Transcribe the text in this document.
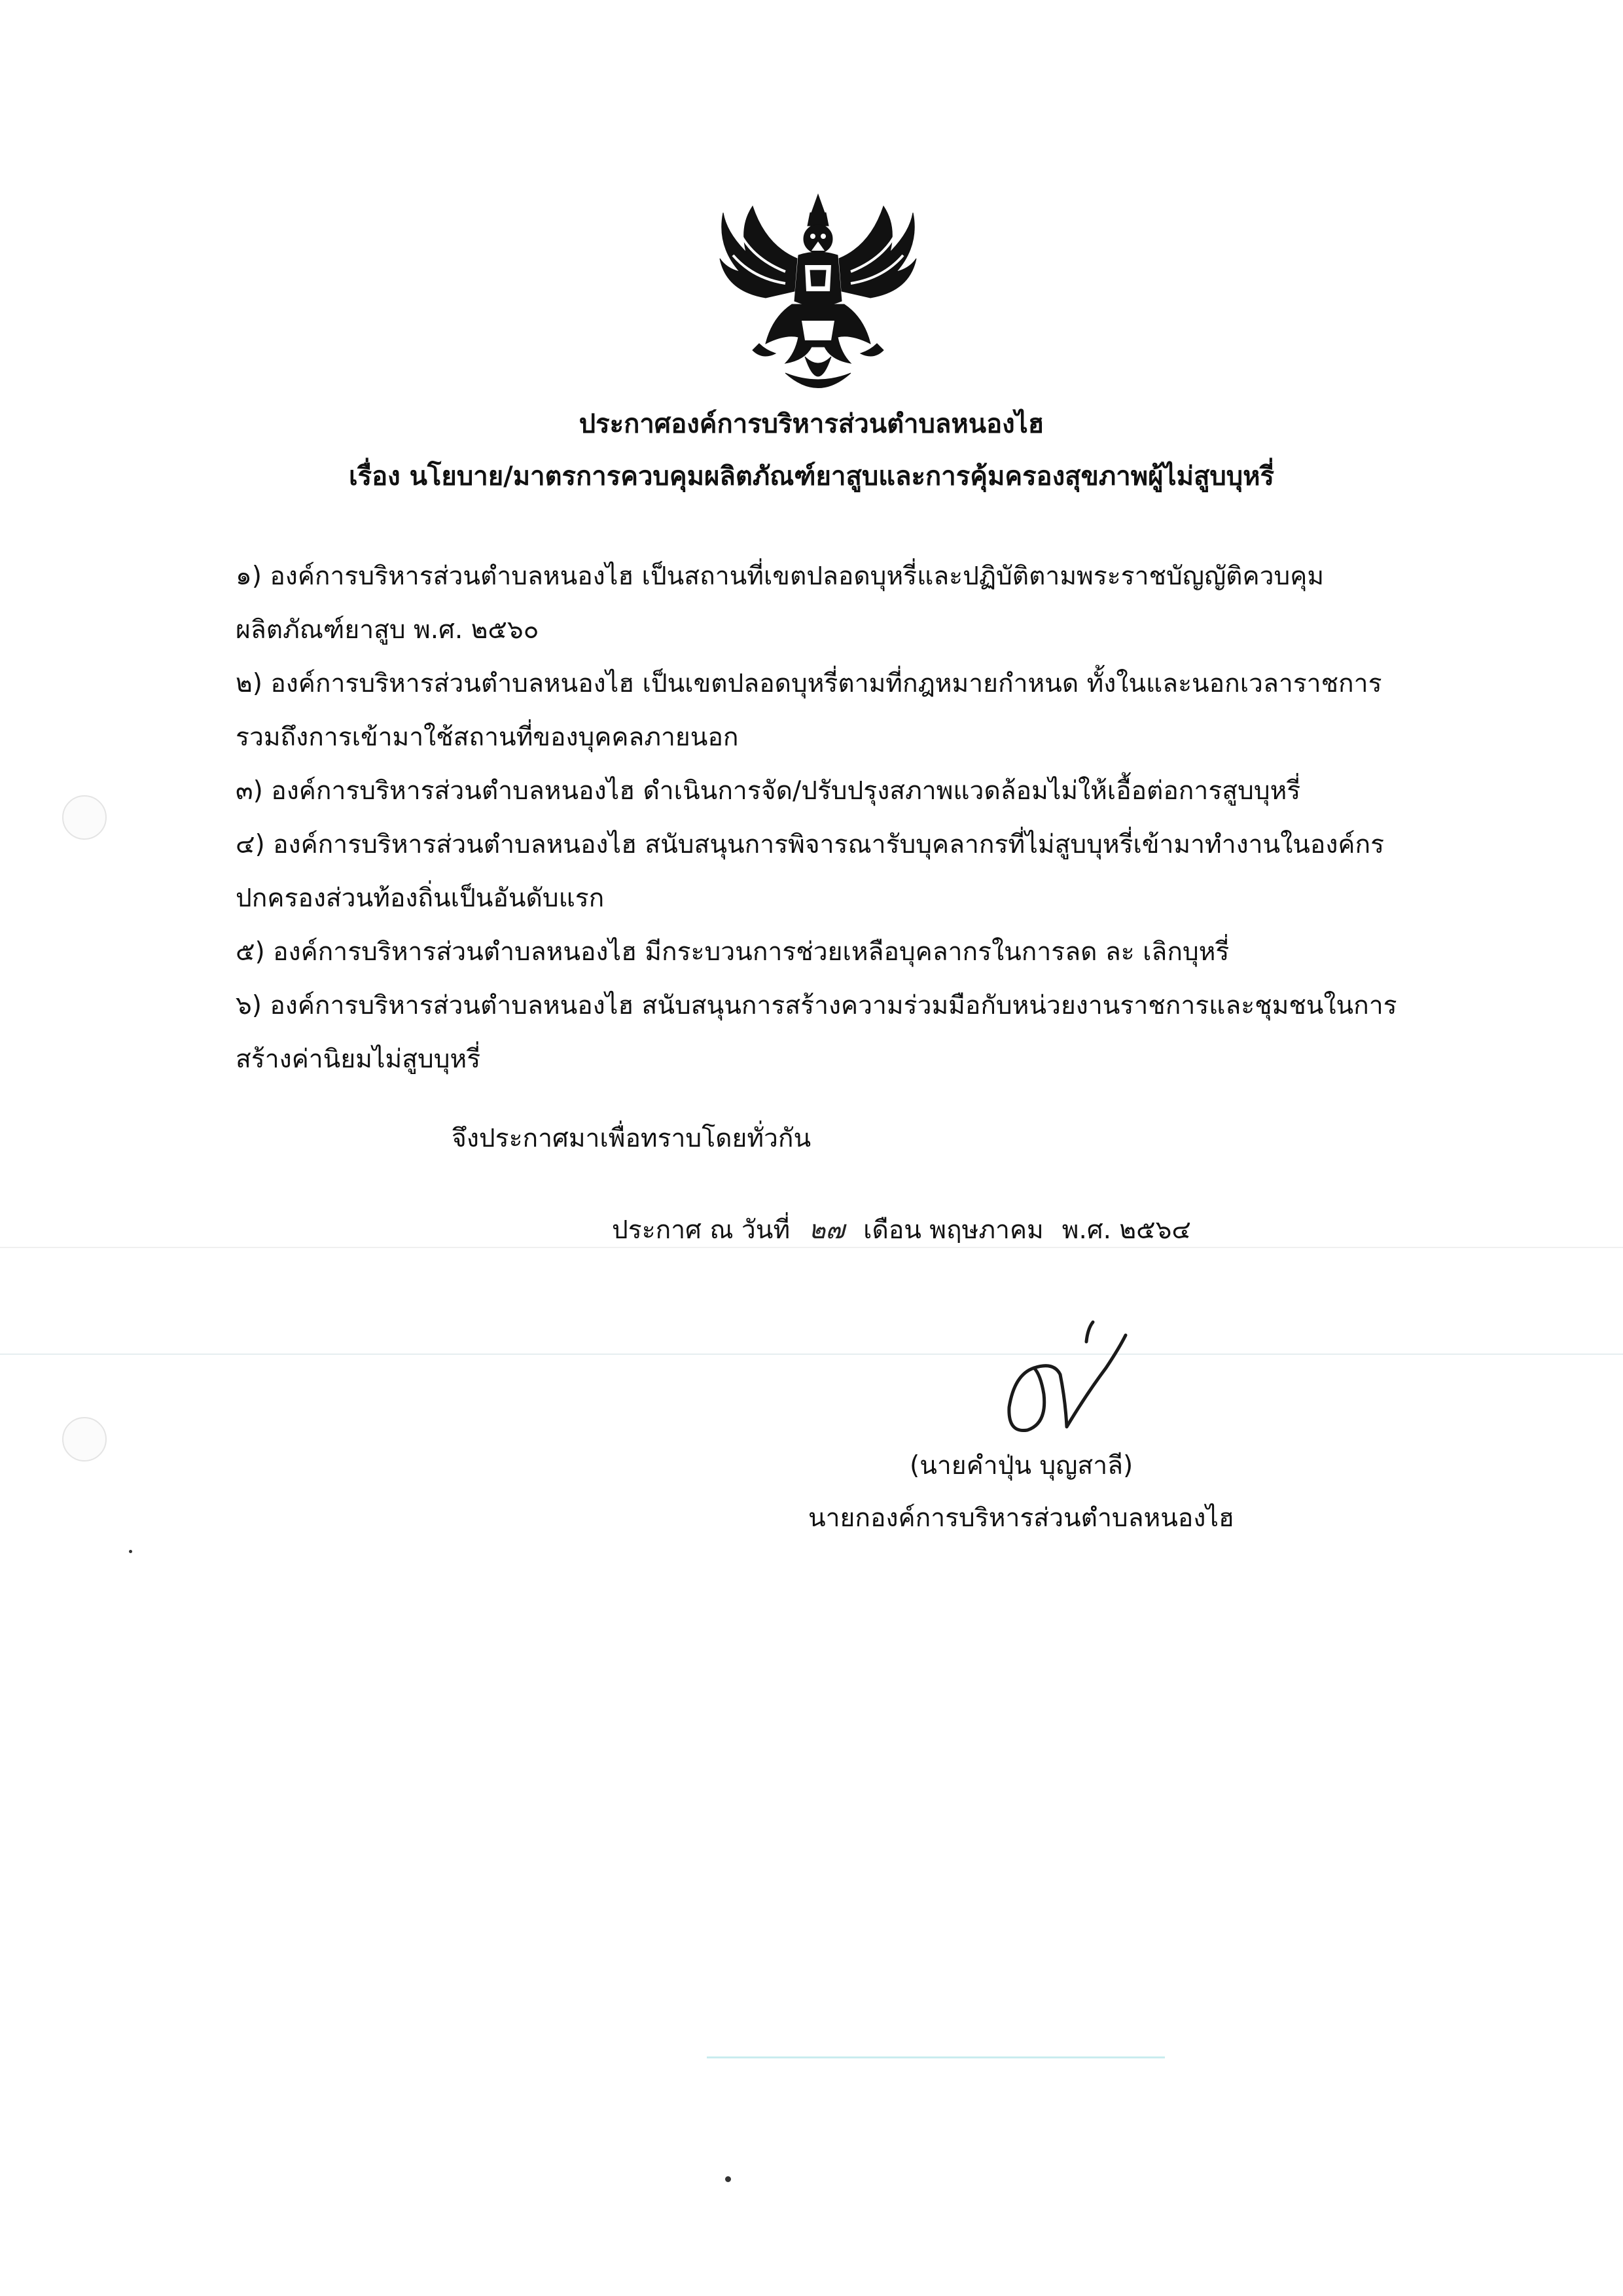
ประกาศองค์การบริหารส่วนตำบลหนองไฮ
เรื่อง นโยบาย/มาตรการควบคุมผลิตภัณฑ์ยาสูบและการคุ้มครองสุขภาพผู้ไม่สูบบุหรี่

๑) องค์การบริหารส่วนตำบลหนองไฮ เป็นสถานที่เขตปลอดบุหรี่และปฏิบัติตามพระราชบัญญัติควบคุม ผลิตภัณฑ์ยาสูบ พ.ศ. ๒๕๖๐

๒) องค์การบริหารส่วนตำบลหนองไฮ เป็นเขตปลอดบุหรี่ตามที่กฎหมายกำหนด ทั้งในและนอกเวลาราชการ รวมถึงการเข้ามาใช้สถานที่ของบุคคลภายนอก

๓) องค์การบริหารส่วนตำบลหนองไฮ ดำเนินการจัด/ปรับปรุงสภาพแวดล้อมไม่ให้เอื้อต่อการสูบบุหรี่

๔) องค์การบริหารส่วนตำบลหนองไฮ สนับสนุนการพิจารณารับบุคลากรที่ไม่สูบบุหรี่เข้ามาทำงานในองค์กร ปกครองส่วนท้องถิ่นเป็นอันดับแรก

๕) องค์การบริหารส่วนตำบลหนองไฮ มีกระบวนการช่วยเหลือบุคลากรในการลด ละ เลิกบุหรี่

๖) องค์การบริหารส่วนตำบลหนองไฮ สนับสนุนการสร้างความร่วมมือกับหน่วยงานราชการและชุมชนในการ สร้างค่านิยมไม่สูบบุหรี่

จึงประกาศมาเพื่อทราบโดยทั่วกัน
ประกาศ ณ วันที่ ๒๗ เดือน พฤษภาคม พ.ศ. ๒๕๖๔
(นายคำปุ่น บุญสาลี)
นายกองค์การบริหารส่วนตำบลหนองไฮ
